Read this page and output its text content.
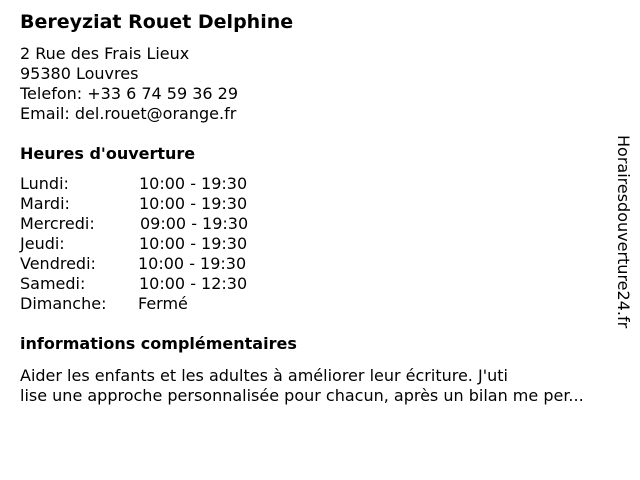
Bereyziat Rouet Delphine
2 Rue des Frais Lieux
95380 Louvres
Telefon: +33 6 74 59 36 29
Email: del.rouet@orange.fr
Heures d'ouverture
Lundi:	10:00 - 19:30
Mardi:	10:00 - 19:30
Mercredi:	09:00 - 19:30
Jeudi:	10:00 - 19:30
Vendredi:	10:00 - 19:30
Samedi:	10:00 - 12:30
Dimanche: Fermé
informations complémentaires
Aider les enfants et les adultes à améliorer leur écriture. J'uti
lise une approche personnalisée pour chacun, après un bilan me per...
Horairesdouverture24.fr
